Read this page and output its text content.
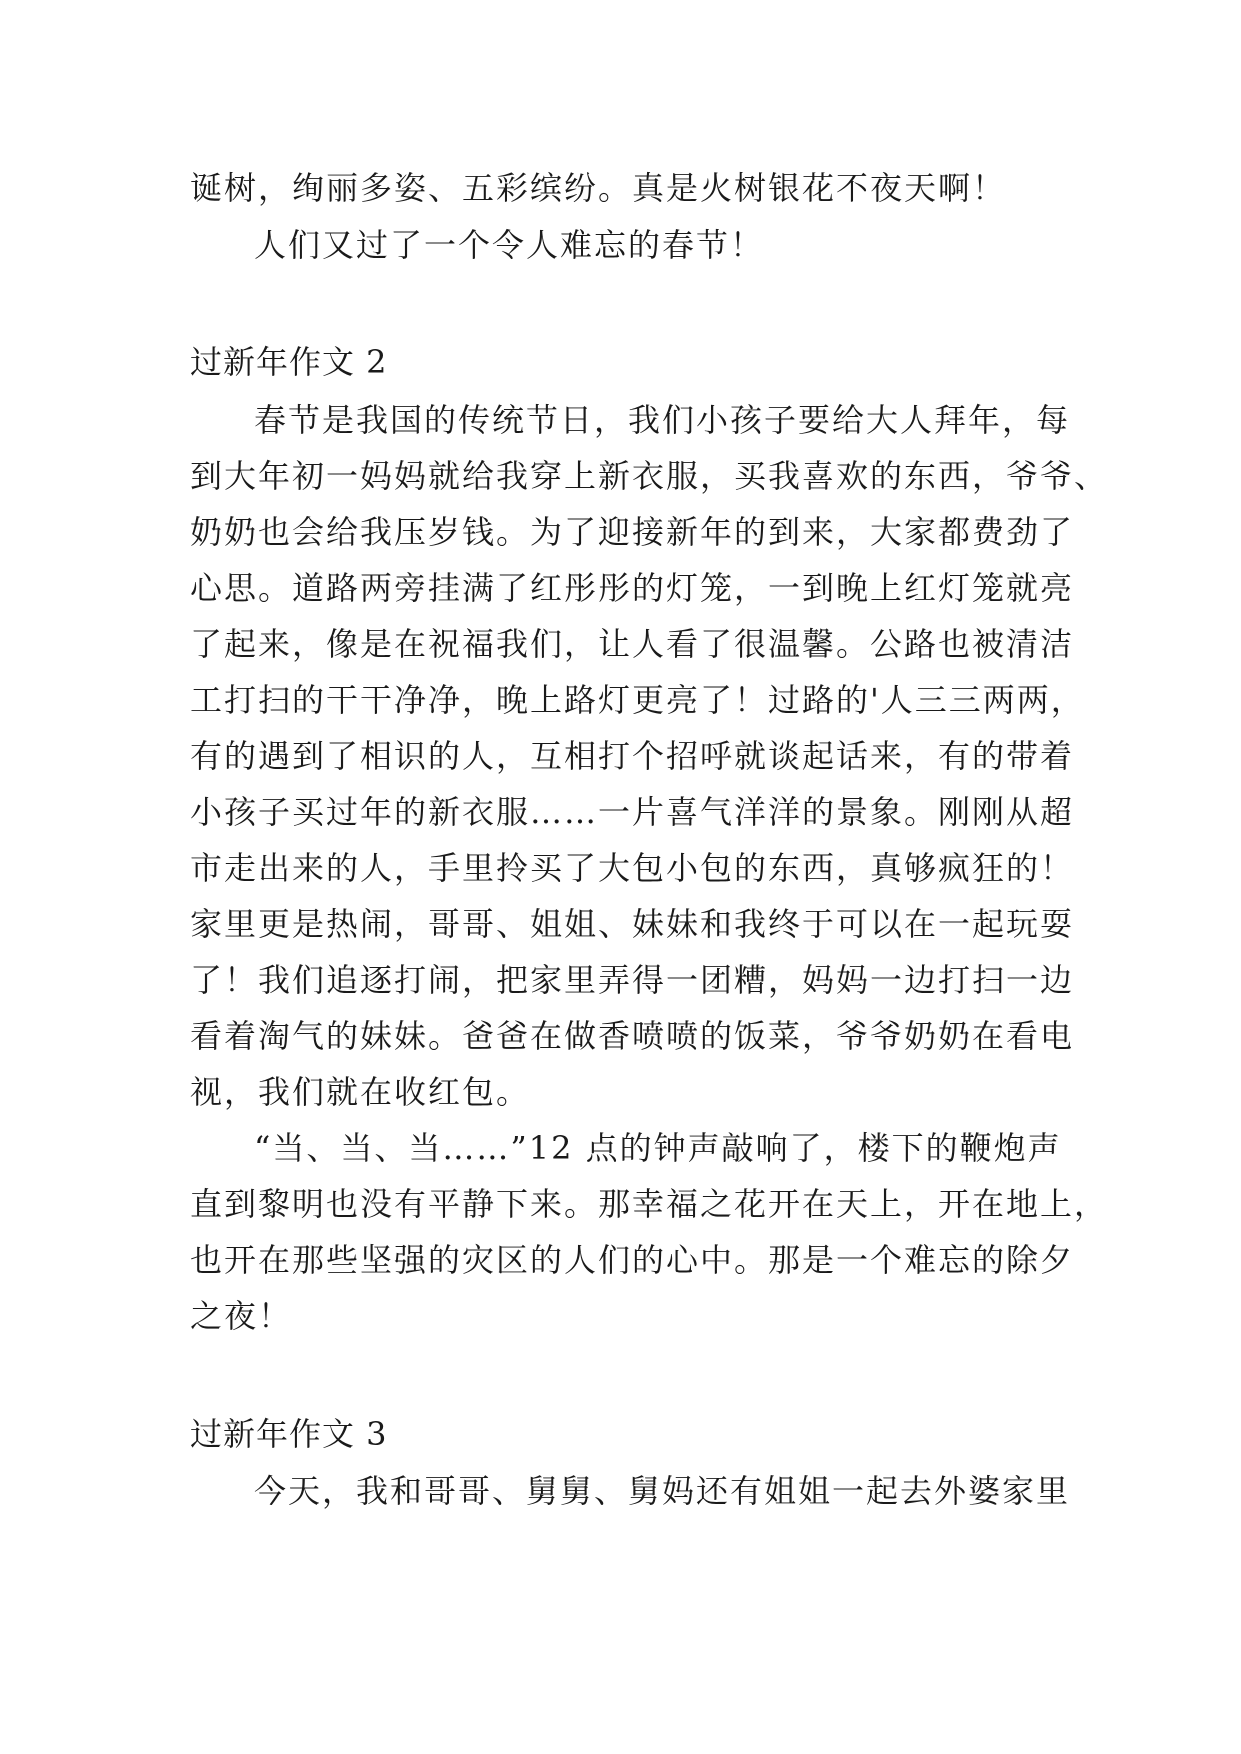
诞树，绚丽多姿、五彩缤纷。真是火树银花不夜天啊！
人们又过了一个令人难忘的春节！
过新年作文 2
春节是我国的传统节日，我们小孩子要给大人拜年，每
到大年初一妈妈就给我穿上新衣服，买我喜欢的东西，爷爷、
奶奶也会给我压岁钱。为了迎接新年的到来，大家都费劲了
心思。道路两旁挂满了红彤彤的灯笼，一到晚上红灯笼就亮
了起来，像是在祝福我们，让人看了很温馨。公路也被清洁
工打扫的干干净净，晚上路灯更亮了！过路的'人三三两两，
有的遇到了相识的人，互相打个招呼就谈起话来，有的带着
小孩子买过年的新衣服……一片喜气洋洋的景象。刚刚从超
市走出来的人，手里拎买了大包小包的东西，真够疯狂的！
家里更是热闹，哥哥、姐姐、妹妹和我终于可以在一起玩耍
了！我们追逐打闹，把家里弄得一团糟，妈妈一边打扫一边
看着淘气的妹妹。爸爸在做香喷喷的饭菜，爷爷奶奶在看电
视，我们就在收红包。
“当、当、当……”12 点的钟声敲响了，楼下的鞭炮声
直到黎明也没有平静下来。那幸福之花开在天上，开在地上，
也开在那些坚强的灾区的人们的心中。那是一个难忘的除夕
之夜！
过新年作文 3
今天，我和哥哥、舅舅、舅妈还有姐姐一起去外婆家里
